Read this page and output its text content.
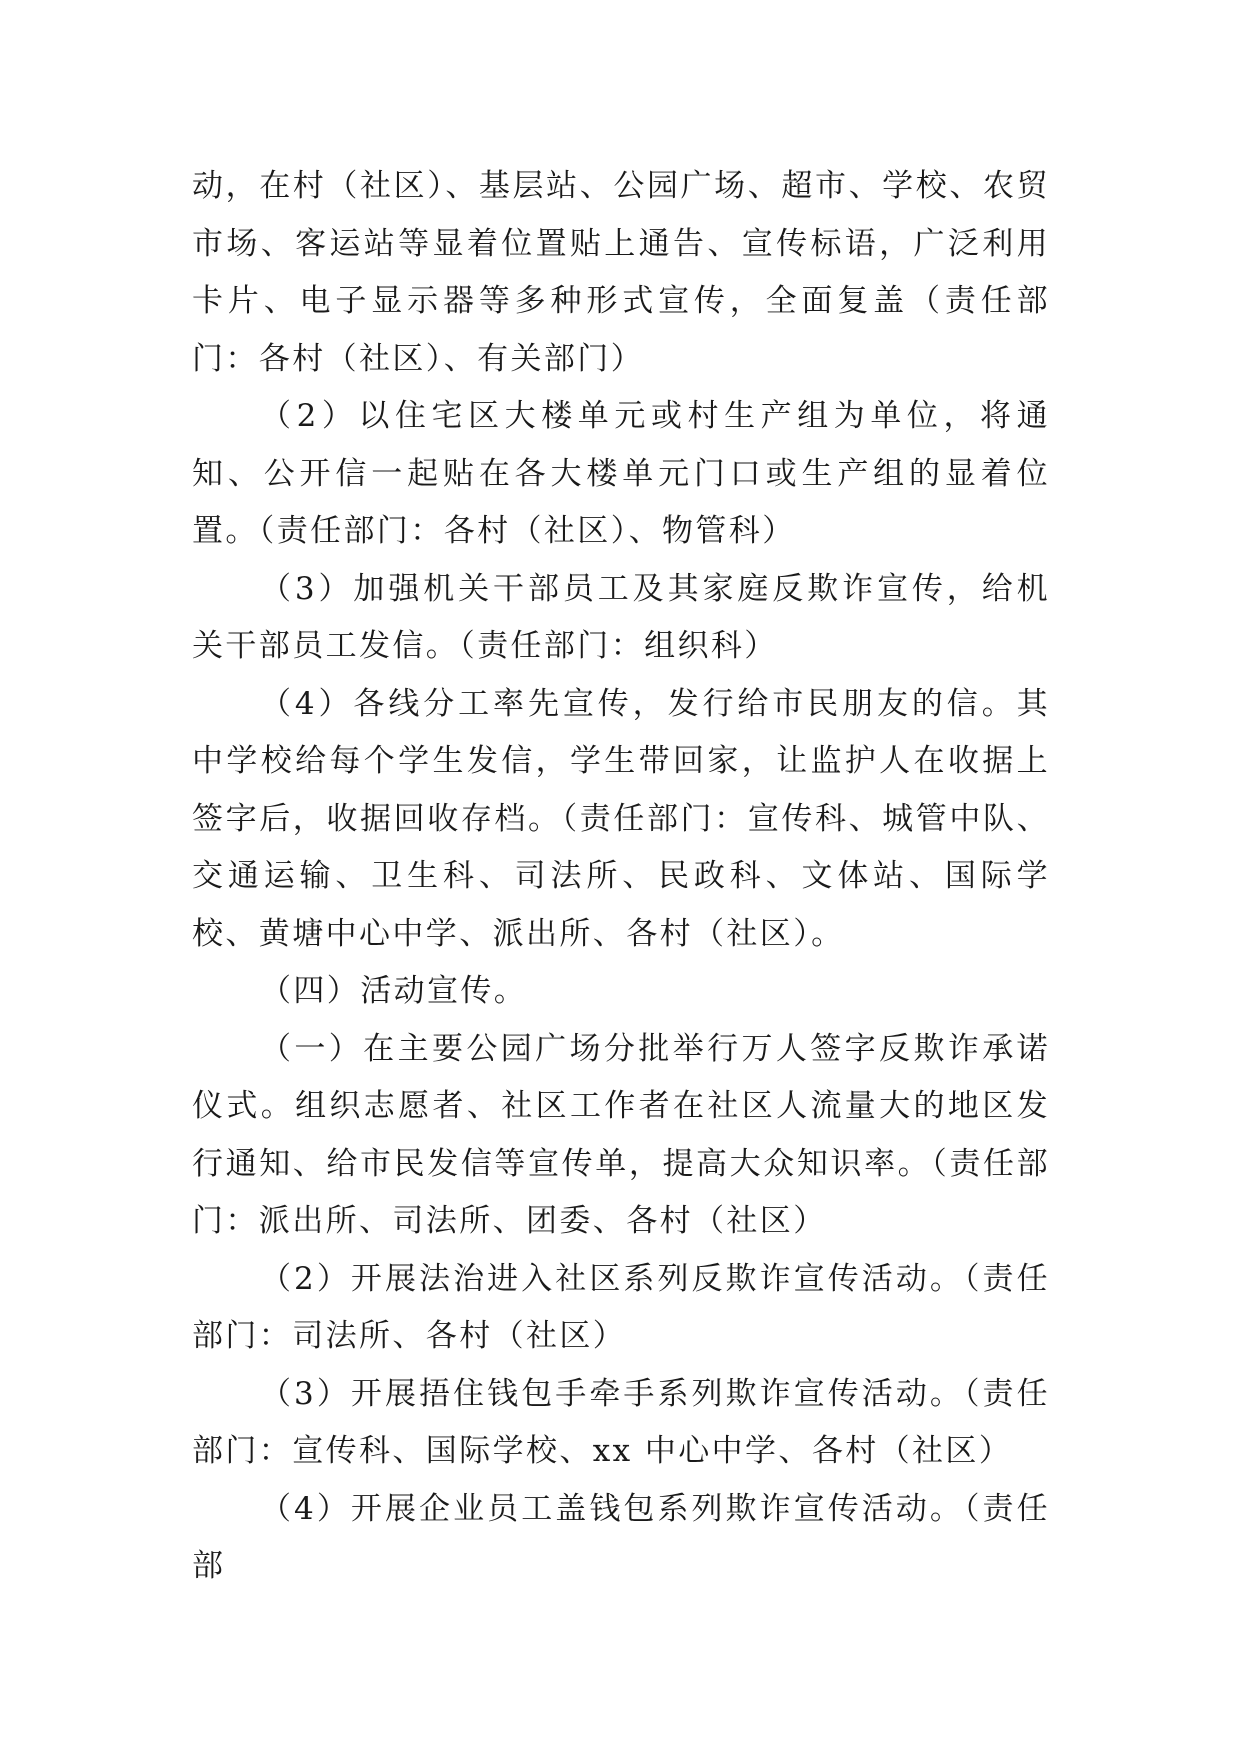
动，在村（社区）、基层站、公园广场、超市、学校、农贸市场、客运站等显着位置贴上通告、宣传标语，广泛利用卡片、电子显示器等多种形式宣传，全面复盖（责任部门：各村（社区）、有关部门）

（2）以住宅区大楼单元或村生产组为单位，将通知、公开信一起贴在各大楼单元门口或生产组的显着位置。（责任部门：各村（社区）、物管科）

（3）加强机关干部员工及其家庭反欺诈宣传，给机关干部员工发信。（责任部门：组织科）

（4）各线分工率先宣传，发行给市民朋友的信。其中学校给每个学生发信，学生带回家，让监护人在收据上签字后，收据回收存档。（责任部门：宣传科、城管中队、交通运输、卫生科、司法所、民政科、文体站、国际学校、黄塘中心中学、派出所、各村（社区）。

（四）活动宣传。

（一）在主要公园广场分批举行万人签字反欺诈承诺仪式。组织志愿者、社区工作者在社区人流量大的地区发行通知、给市民发信等宣传单，提高大众知识率。（责任部门：派出所、司法所、团委、各村（社区）

（2）开展法治进入社区系列反欺诈宣传活动。（责任部门：司法所、各村（社区）

（3）开展捂住钱包手牵手系列欺诈宣传活动。（责任部门：宣传科、国际学校、xx 中心中学、各村（社区）

（4）开展企业员工盖钱包系列欺诈宣传活动。（责任部
